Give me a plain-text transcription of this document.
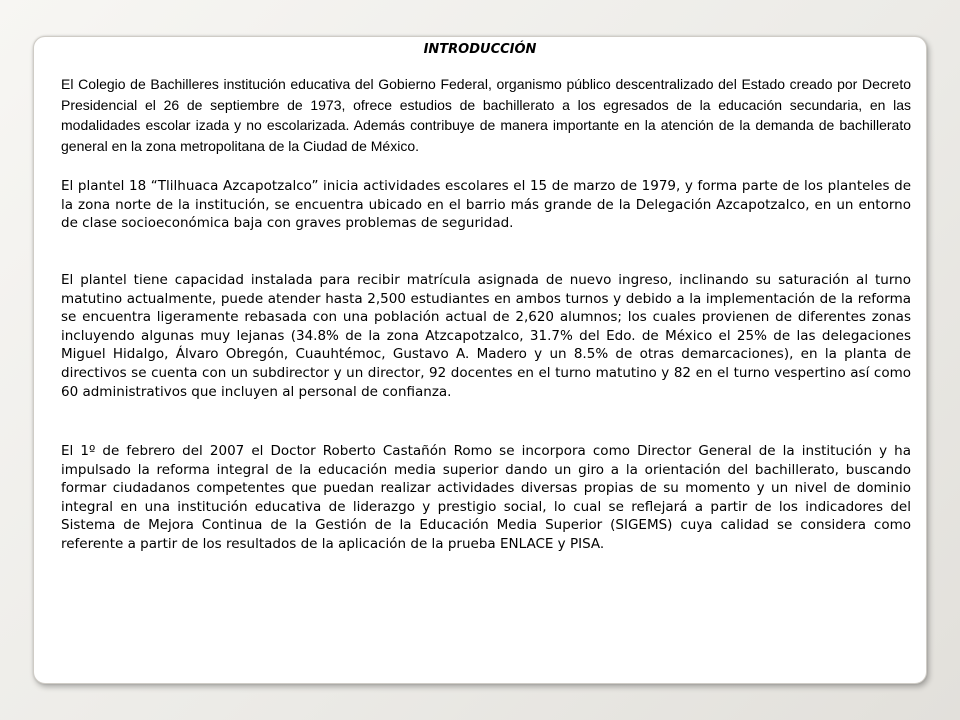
INTRODUCCIÓN

El Colegio de Bachilleres institución educativa del Gobierno Federal, organismo público descentralizado del Estado creado por Decreto Presidencial el 26 de septiembre de 1973, ofrece estudios de bachillerato a los egresados de la educación secundaria, en las modalidades escolar izada y no escolarizada. Además contribuye de manera importante en la atención de la demanda de bachillerato general en la zona metropolitana de la Ciudad de México.

El plantel 18 “Tlilhuaca Azcapotzalco” inicia actividades escolares el 15 de marzo de 1979, y forma parte de los planteles de la zona norte de la institución, se encuentra ubicado en el barrio más grande de la Delegación Azcapotzalco, en un entorno de clase socioeconómica baja con graves problemas de seguridad.

El plantel tiene capacidad instalada para recibir matrícula asignada de nuevo ingreso, inclinando su saturación al turno matutino actualmente, puede atender hasta 2,500 estudiantes en ambos turnos y debido a la implementación de la reforma se encuentra ligeramente rebasada con una población actual de 2,620 alumnos; los cuales provienen de diferentes zonas incluyendo algunas muy lejanas (34.8% de la zona Atzcapotzalco, 31.7% del Edo. de México el 25% de las delegaciones Miguel Hidalgo, Álvaro Obregón, Cuauhtémoc, Gustavo A. Madero y un 8.5% de otras demarcaciones), en la planta de directivos se cuenta con un subdirector y un director, 92 docentes en el turno matutino y 82 en el turno vespertino así como 60 administrativos que incluyen al personal de confianza.

El 1º de febrero del 2007 el Doctor Roberto Castañón Romo se incorpora como Director General de la institución y ha impulsado la reforma integral de la educación media superior dando un giro a la orientación del bachillerato, buscando formar ciudadanos competentes que puedan realizar actividades diversas propias de su momento y un nivel de dominio integral en una institución educativa de liderazgo y prestigio social, lo cual se reflejará a partir de los indicadores del Sistema de Mejora Continua de la Gestión de la Educación Media Superior (SIGEMS) cuya calidad se considera como referente a partir de los resultados de la aplicación de la prueba ENLACE y PISA.
